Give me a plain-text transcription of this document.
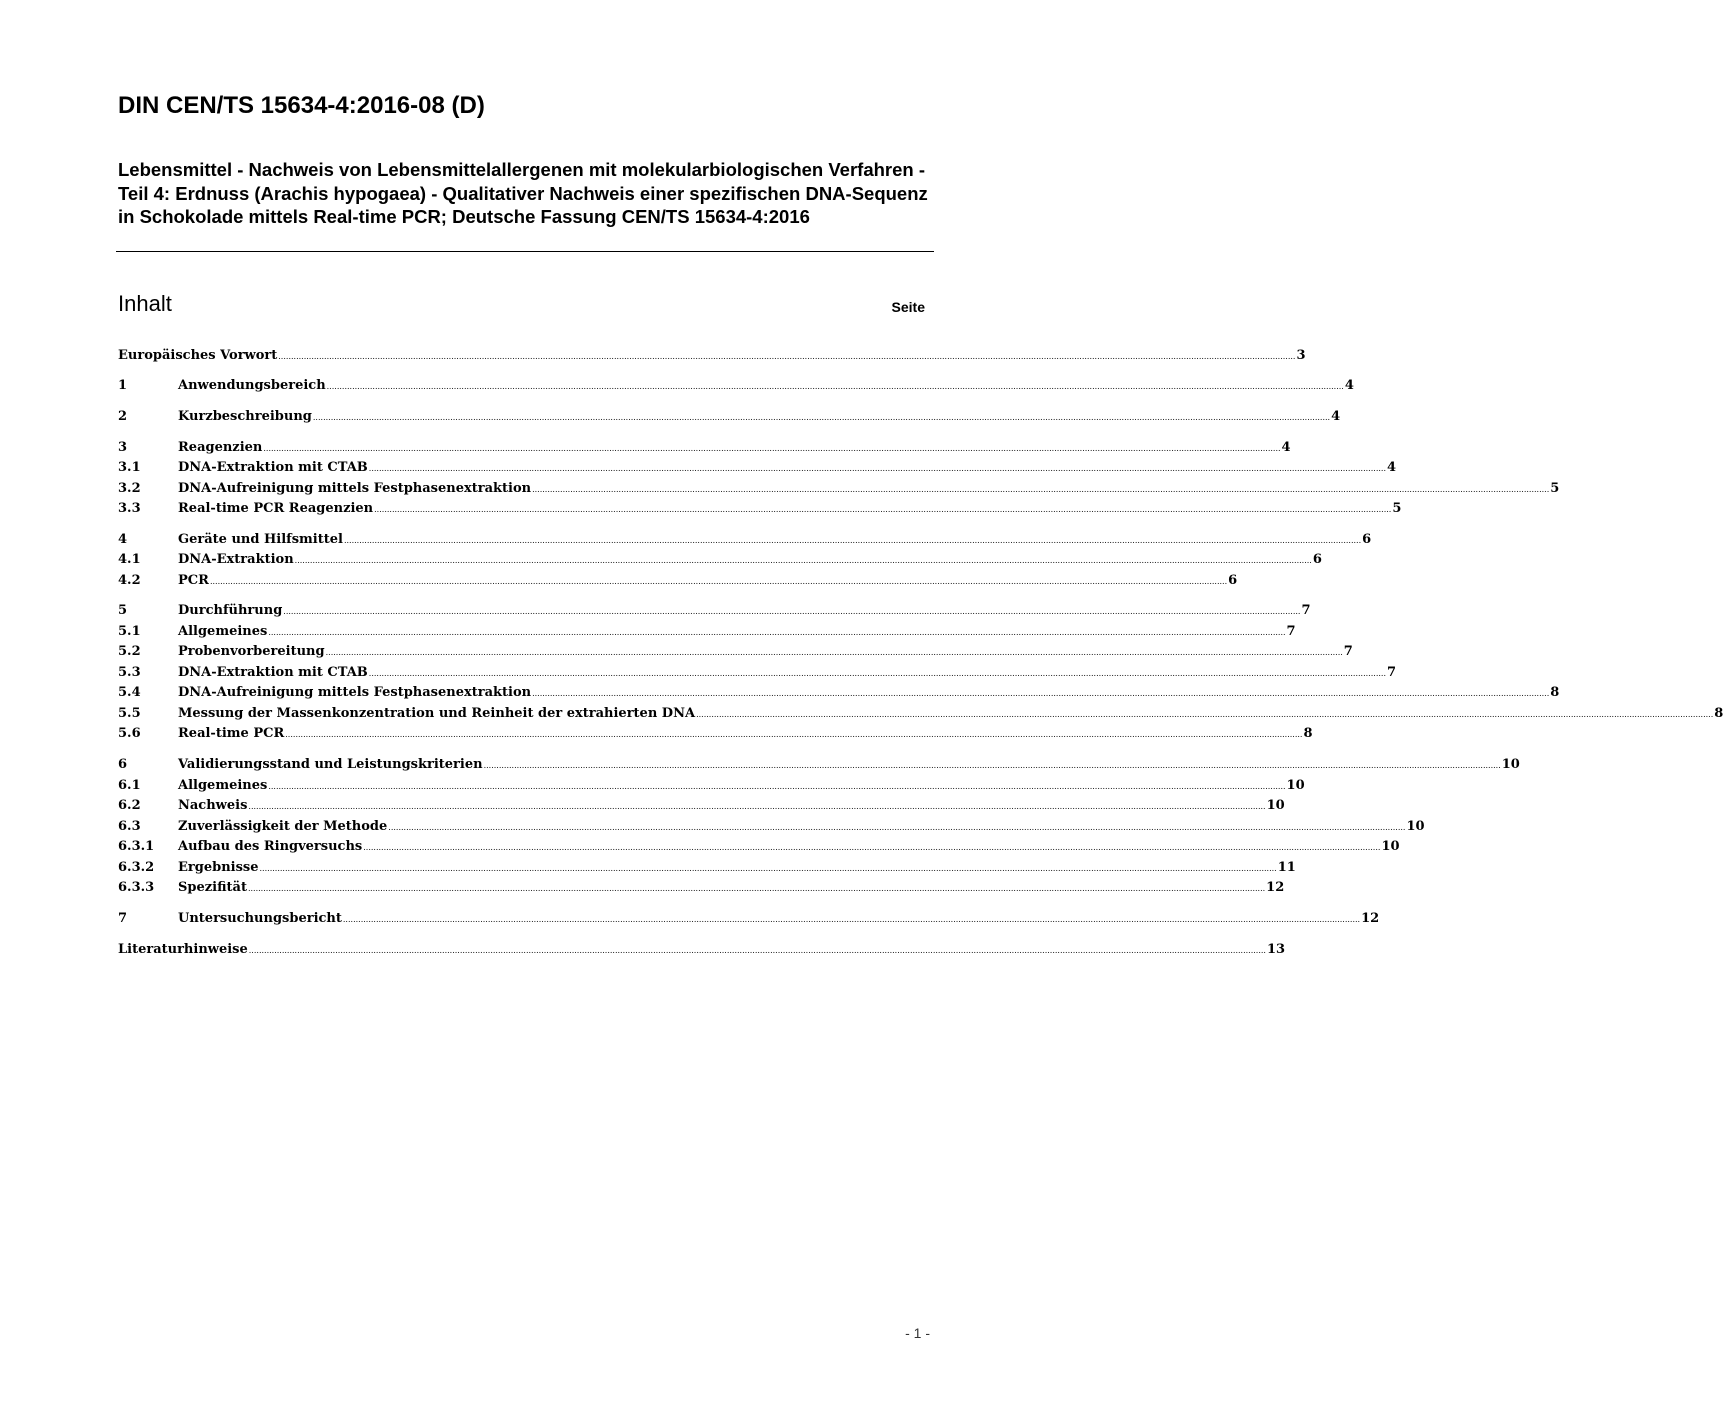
DIN CEN/TS 15634-4:2016-08 (D)

Lebensmittel - Nachweis von Lebensmittelallergenen mit molekularbiologischen Verfahren - Teil 4: Erdnuss (Arachis hypogaea) - Qualitativer Nachweis einer spezifischen DNA-Sequenz in Schokolade mittels Real-time PCR; Deutsche Fassung CEN/TS 15634-4:2016

Inhalt	Seite
Europäisches Vorwort ................................................................................................................................................................................................................................................................................................................................................................................................................ 3
1	Anwendungsbereich ................................................................................................................................................................................................................................................................................................................................................................................................................ 4
2	Kurzbeschreibung ................................................................................................................................................................................................................................................................................................................................................................................................................ 4
3	Reagenzien ................................................................................................................................................................................................................................................................................................................................................................................................................ 4
3.1	DNA-Extraktion mit CTAB ................................................................................................................................................................................................................................................................................................................................................................................................................ 4
3.2	DNA-Aufreinigung mittels Festphasenextraktion ................................................................................................................................................................................................................................................................................................................................................................................................................ 5
3.3	Real-time PCR Reagenzien ................................................................................................................................................................................................................................................................................................................................................................................................................ 5
4	Geräte und Hilfsmittel ................................................................................................................................................................................................................................................................................................................................................................................................................ 6
4.1	DNA-Extraktion ................................................................................................................................................................................................................................................................................................................................................................................................................ 6
4.2	PCR ................................................................................................................................................................................................................................................................................................................................................................................................................ 6
5	Durchführung ................................................................................................................................................................................................................................................................................................................................................................................................................ 7
5.1	Allgemeines ................................................................................................................................................................................................................................................................................................................................................................................................................ 7
5.2	Probenvorbereitung ................................................................................................................................................................................................................................................................................................................................................................................................................ 7
5.3	DNA-Extraktion mit CTAB ................................................................................................................................................................................................................................................................................................................................................................................................................ 7
5.4	DNA-Aufreinigung mittels Festphasenextraktion ................................................................................................................................................................................................................................................................................................................................................................................................................ 8
5.5	Messung der Massenkonzentration und Reinheit der extrahierten DNA ................................................................................................................................................................................................................................................................................................................................................................................................................ 8
5.6	Real-time PCR ................................................................................................................................................................................................................................................................................................................................................................................................................ 8
6	Validierungsstand und Leistungskriterien ................................................................................................................................................................................................................................................................................................................................................................................................................ 10
6.1	Allgemeines ................................................................................................................................................................................................................................................................................................................................................................................................................ 10
6.2	Nachweis ................................................................................................................................................................................................................................................................................................................................................................................................................ 10
6.3	Zuverlässigkeit der Methode ................................................................................................................................................................................................................................................................................................................................................................................................................ 10
6.3.1	Aufbau des Ringversuchs ................................................................................................................................................................................................................................................................................................................................................................................................................ 10
6.3.2	Ergebnisse ................................................................................................................................................................................................................................................................................................................................................................................................................ 11
6.3.3	Spezifität ................................................................................................................................................................................................................................................................................................................................................................................................................ 12
7	Untersuchungsbericht ................................................................................................................................................................................................................................................................................................................................................................................................................ 12
Literaturhinweise ................................................................................................................................................................................................................................................................................................................................................................................................................ 13
- 1 -
